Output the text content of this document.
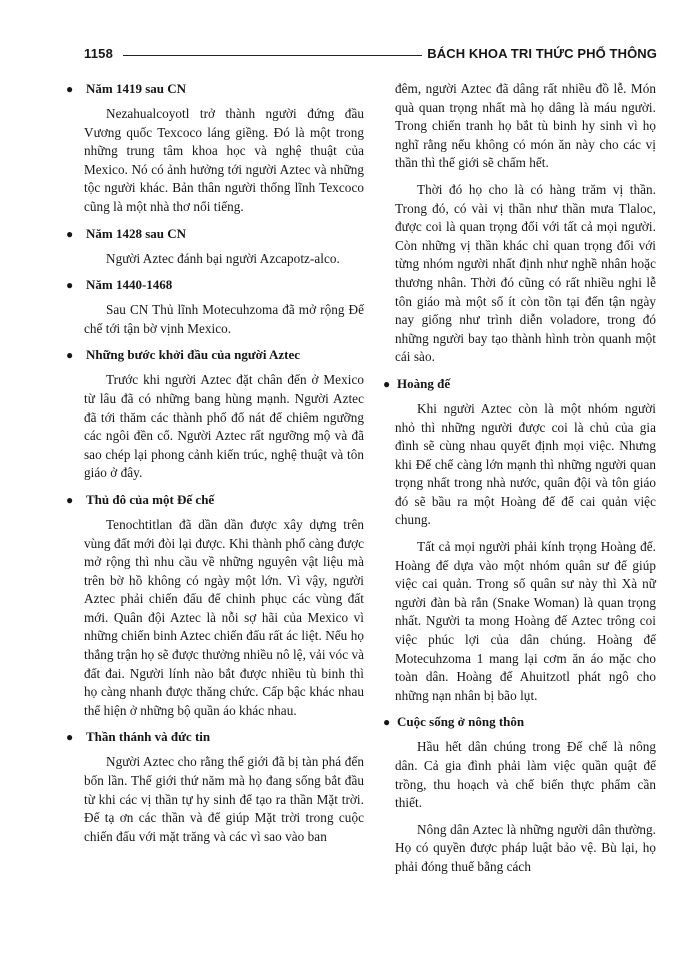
1158	BÁCH KHOA TRI THỨC PHỔ THÔNG
● Năm 1419 sau CN

Nezahualcoyotl trở thành người đứng đầu Vương quốc Texcoco láng giềng. Đó là một trong những trung tâm khoa học và nghệ thuật của Mexico. Nó có ảnh hưởng tới người Aztec và những tộc người khác. Bản thân người thống lĩnh Texcoco cũng là một nhà thơ nổi tiếng.

● Năm 1428 sau CN

Người Aztec đánh bại người Azcapotz-alco.

● Năm 1440-1468

Sau CN Thủ lĩnh Motecuhzoma đã mở rộng Đế chế tới tận bờ vịnh Mexico.

● Những bước khởi đầu của người Aztec

Trước khi người Aztec đặt chân đến ở Mexico từ lâu đã có những bang hùng mạnh. Người Aztec đã tới thăm các thành phố đổ nát để chiêm ngưỡng các ngôi đền cổ. Người Aztec rất ngưỡng mộ và đã sao chép lại phong cảnh kiến trúc, nghệ thuật và tôn giáo ở đây.

● Thủ đô của một Đế chế

Tenochtitlan đã dần dần được xây dựng trên vùng đất mới đòi lại được. Khi thành phố càng được mở rộng thì nhu cầu về những nguyên vật liệu mà trên bờ hồ không có ngày một lớn. Vì vậy, người Aztec phải chiến đấu để chinh phục các vùng đất mới. Quân đội Aztec là nỗi sợ hãi của Mexico vì những chiến binh Aztec chiến đấu rất ác liệt. Nếu họ thắng trận họ sẽ được thưởng nhiều nô lệ, vải vóc và đất đai. Người lính nào bắt được nhiều tù binh thì họ càng nhanh được thăng chức. Cấp bậc khác nhau thể hiện ở những bộ quần áo khác nhau.

● Thần thánh và đức tin

Người Aztec cho rằng thế giới đã bị tàn phá đến bốn lần. Thế giới thứ năm mà họ đang sống bắt đầu từ khi các vị thần tự hy sinh để tạo ra thần Mặt trời. Để tạ ơn các thần và để giúp Mặt trời trong cuộc chiến đấu với mặt trăng và các vì sao vào ban

đêm, người Aztec đã dâng rất nhiều đồ lễ. Món quà quan trọng nhất mà họ dâng là máu người. Trong chiến tranh họ bắt tù binh hy sinh vì họ nghĩ rằng nếu không có món ăn này cho các vị thần thì thế giới sẽ chấm hết.

Thời đó họ cho là có hàng trăm vị thần. Trong đó, có vài vị thần như thần mưa Tlaloc, được coi là quan trọng đối với tất cả mọi người. Còn những vị thần khác chỉ quan trọng đối với từng nhóm người nhất định như nghề nhân hoặc thương nhân. Thời đó cũng có rất nhiều nghi lễ tôn giáo mà một số ít còn tồn tại đến tận ngày nay giống như trình diễn voladore, trong đó những người bay tạo thành hình tròn quanh một cái sào.

● Hoàng đế

Khi người Aztec còn là một nhóm người nhỏ thì những người được coi là chủ của gia đình sẽ cùng nhau quyết định mọi việc. Nhưng khi Đế chế càng lớn mạnh thì những người quan trọng nhất trong nhà nước, quân đội và tôn giáo đó sẽ bầu ra một Hoàng đế để cai quản việc chung.

Tất cả mọi người phải kính trọng Hoàng đế. Hoàng đế dựa vào một nhóm quân sư để giúp việc cai quản. Trong số quân sư này thì Xà nữ người đàn bà rắn (Snake Woman) là quan trọng nhất. Người ta mong Hoàng đế Aztec trông coi việc phúc lợi của dân chúng. Hoàng đế Motecuhzoma 1 mang lại cơm ăn áo mặc cho toàn dân. Hoàng đế Ahuitzotl phát ngô cho những nạn nhân bị bão lụt.

● Cuộc sống ở nông thôn

Hầu hết dân chúng trong Đế chế là nông dân. Cả gia đình phải làm việc quần quật để trồng, thu hoạch và chế biến thực phẩm cần thiết.

Nông dân Aztec là những người dân thường. Họ có quyền được pháp luật bảo vệ. Bù lại, họ phải đóng thuế bằng cách
